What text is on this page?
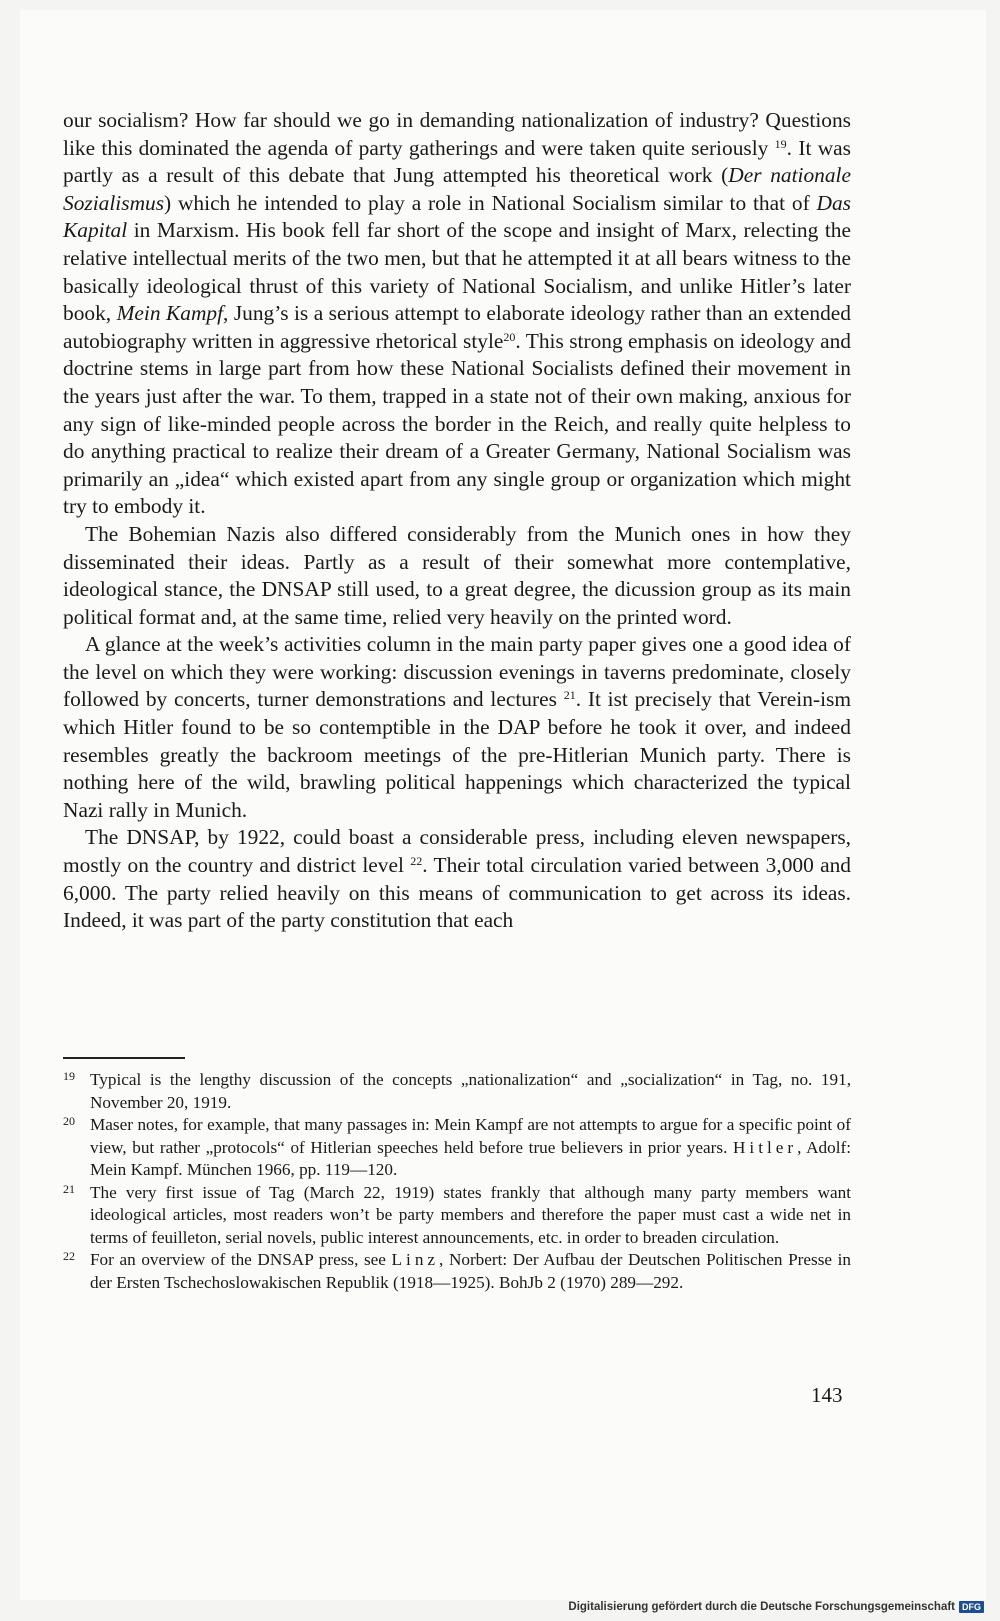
our socialism? How far should we go in demanding nationalization of industry? Questions like this dominated the agenda of party gatherings and were taken quite seriously $^{19}$. It was partly as a result of this debate that Jung attempted his theoretical work (Der nationale Sozialismus) which he intended to play a role in National Socialism similar to that of Das Kapital in Marxism. His book fell far short of the scope and insight of Marx, relecting the relative intellectual merits of the two men, but that he attempted it at all bears witness to the basically ideological thrust of this variety of National Socialism, and unlike Hitler’s later book, Mein Kampf, Jung’s is a serious attempt to elaborate ideology rather than an extended autobiography written in aggressive rhetorical style$^{20}$. This strong emphasis on ideology and doctrine stems in large part from how these National Socialists defined their movement in the years just after the war. To them, trapped in a state not of their own making, anxious for any sign of like-minded people across the border in the Reich, and really quite helpless to do anything practical to realize their dream of a Greater Germany, National Socialism was primarily an „idea“ which existed apart from any single group or organization which might try to embody it.

The Bohemian Nazis also differed considerably from the Munich ones in how they disseminated their ideas. Partly as a result of their somewhat more contemplative, ideological stance, the DNSAP still used, to a great degree, the dicussion group as its main political format and, at the same time, relied very heavily on the printed word.

A glance at the week’s activities column in the main party paper gives one a good idea of the level on which they were working: discussion evenings in taverns predominate, closely followed by concerts, turner demonstrations and lectures $^{21}$. It ist precisely that Verein-ism which Hitler found to be so contemptible in the DAP before he took it over, and indeed resembles greatly the backroom meetings of the pre-Hitlerian Munich party. There is nothing here of the wild, brawling political happenings which characterized the typical Nazi rally in Munich.

The DNSAP, by 1922, could boast a considerable press, including eleven newspapers, mostly on the country and district level $^{22}$. Their total circulation varied between 3,000 and 6,000. The party relied heavily on this means of communication to get across its ideas. Indeed, it was part of the party constitution that each

19 Typical is the lengthy discussion of the concepts „nationalization“ and „socialization“ in Tag, no. 191, November 20, 1919.
20 Maser notes, for example, that many passages in: Mein Kampf are not attempts to argue for a specific point of view, but rather „protocols“ of Hitlerian speeches held before true believers in prior years. Hitler, Adolf: Mein Kampf. München 1966, pp. 119—120.
21 The very first issue of Tag (March 22, 1919) states frankly that although many party members want ideological articles, most readers won’t be party members and therefore the paper must cast a wide net in terms of feuilleton, serial novels, public interest announcements, etc. in order to breaden circulation.
22 For an overview of the DNSAP press, see Linz, Norbert: Der Aufbau der Deutschen Politischen Presse in der Ersten Tschechoslowakischen Republik (1918—1925). BohJb 2 (1970) 289—292.
143
Digitalisierung gefördert durch die Deutsche Forschungsgemeinschaft DFG
